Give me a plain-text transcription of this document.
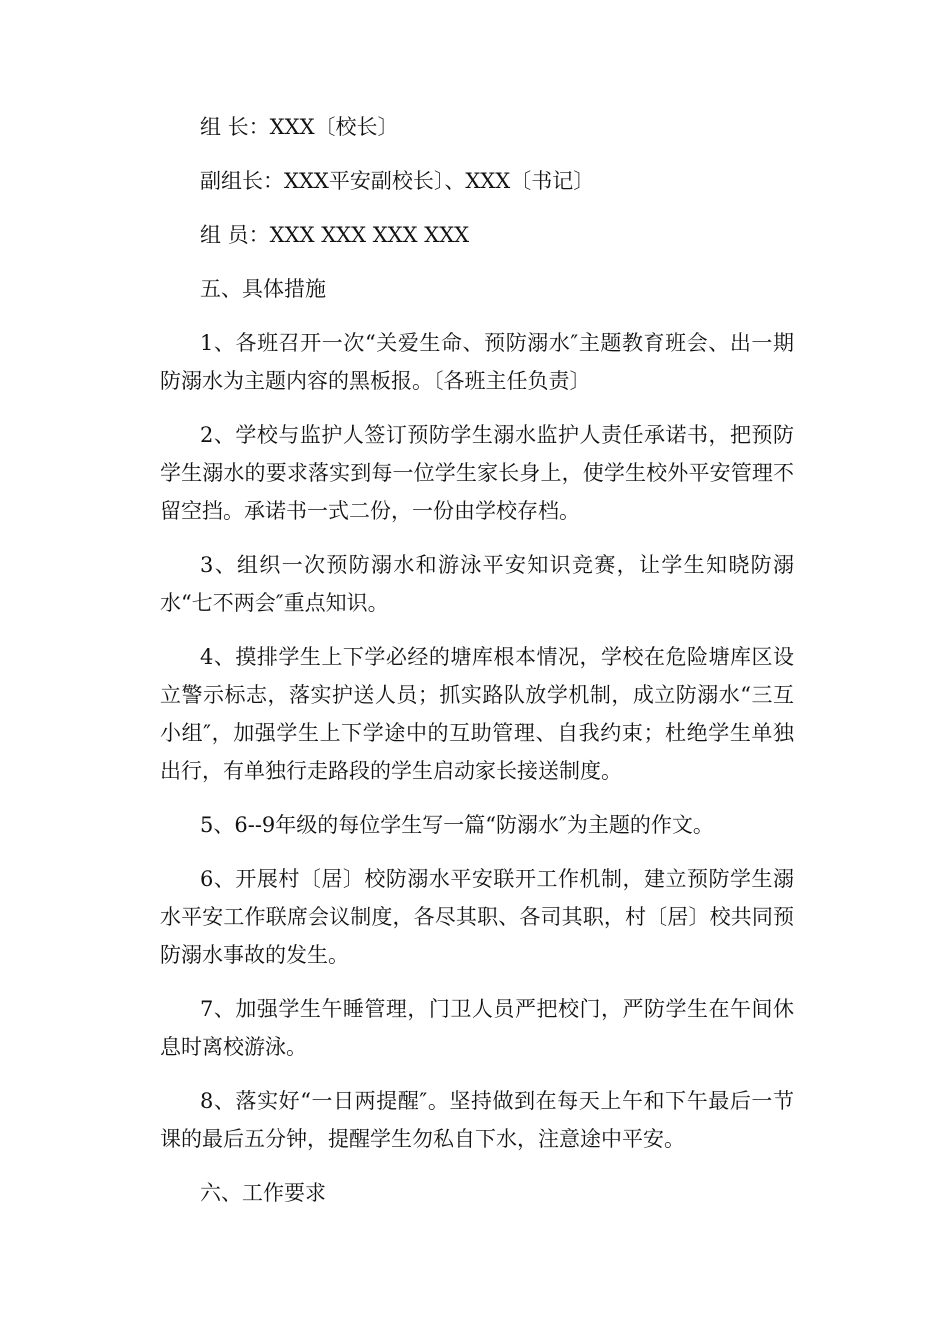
组 长：XXX〔校长〕

副组长：XXX平安副校长〕、XXX〔书记〕

组 员：XXX XXX XXX XXX

五、具体措施

1、各班召开一次“关爱生命、预防溺水″主题教育班会、出一期防溺水为主题内容的黑板报。〔各班主任负责〕

2、学校与监护人签订预防学生溺水监护人责任承诺书，把预防学生溺水的要求落实到每一位学生家长身上，使学生校外平安管理不留空挡。承诺书一式二份，一份由学校存档。

3、组织一次预防溺水和游泳平安知识竞赛，让学生知晓防溺水“七不两会″重点知识。

4、摸排学生上下学必经的塘库根本情况，学校在危险塘库区设立警示标志，落实护送人员；抓实路队放学机制，成立防溺水“三互小组″，加强学生上下学途中的互助管理、自我约束；杜绝学生单独出行，有单独行走路段的学生启动家长接送制度。

5、6--9年级的每位学生写一篇“防溺水″为主题的作文。

6、开展村〔居〕校防溺水平安联开工作机制，建立预防学生溺水平安工作联席会议制度，各尽其职、各司其职，村〔居〕校共同预防溺水事故的发生。

7、加强学生午睡管理，门卫人员严把校门，严防学生在午间休息时离校游泳。

8、落实好“一日两提醒″。坚持做到在每天上午和下午最后一节课的最后五分钟，提醒学生勿私自下水，注意途中平安。

六、工作要求
